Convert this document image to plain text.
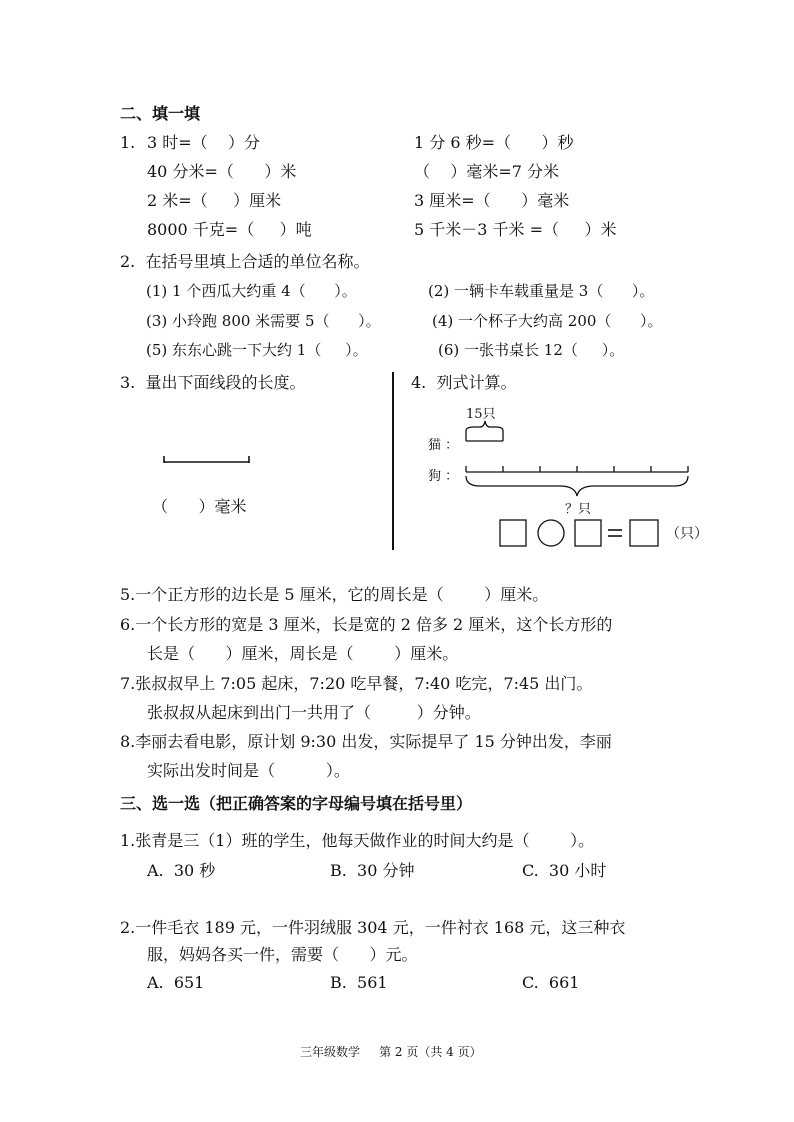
二、填一填
1. 3 时=（    ）分	1 分 6 秒=（      ）秒
40 分米=（      ）米	（    ）毫米=7 分米
2 米=（     ）厘米	3 厘米=（      ）毫米
8000 千克=（     ）吨	5 千米－3 千米 =（     ）米
2.  在括号里填上合适的单位名称。
(1) 1 个西瓜大约重 4（      ）。	(2) 一辆卡车载重量是 3（      ）。
(3) 小玲跑 800 米需要 5（      ）。	(4) 一个杯子大约高 200（      ）。
(5) 东东心跳一下大约 1（     ）。	(6) 一张书桌长 12（     ）。
3.  量出下面线段的长度。
（      ）毫米
4.  列式计算。
15只
猫 ：
狗 ：
？只
（只）
5.一个正方形的边长是 5 厘米，它的周长是（        ）厘米。
6.一个长方形的宽是 3 厘米，长是宽的 2 倍多 2 厘米，这个长方形的
长是（      ）厘米，周长是（        ）厘米。
7.张叔叔早上 7:05 起床，7:20 吃早餐，7:40 吃完，7:45 出门。
张叔叔从起床到出门一共用了（         ）分钟。
8.李丽去看电影，原计划 9:30 出发，实际提早了 15 分钟出发，李丽
实际出发时间是（          ）。
三、选一选（把正确答案的字母编号填在括号里）
1.张青是三（1）班的学生，他每天做作业的时间大约是（        ）。
A.  30 秒	B.  30 分钟	C.  30 小时
2.一件毛衣 189 元，一件羽绒服 304 元，一件衬衣 168 元，这三种衣
服，妈妈各买一件，需要（      ）元。
A.  651	B.  561	C.  661
三年级数学     第 2 页（共 4 页）
